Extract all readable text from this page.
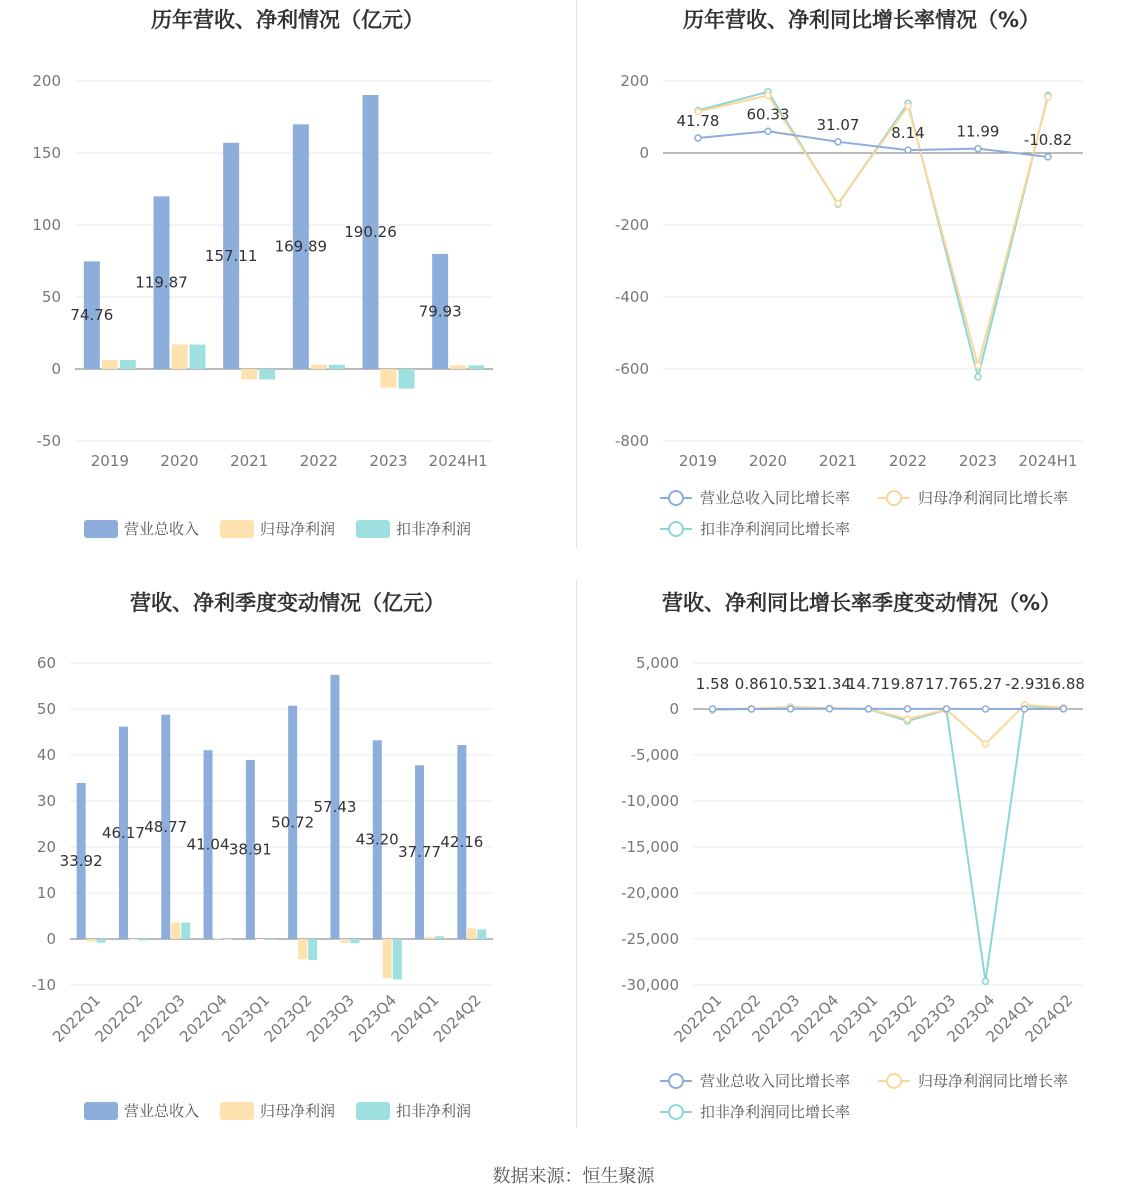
历年营收、净利情况（亿元）
-50
0
50
100
150
200
2019 2020 2021 2022 2023 2024H1
74.76
119.87
157.11
169.89
190.26
79.93
营业总收入	归母净利润	扣非净利润
历年营收、净利同比增长率情况（%）
-800
-600
-400
-200
0
200
2019 2020 2021 2022 2023 2024H1
41.78 60.33
31.07 8.14 11.99 -10.82
营业总收入同比增长率	归母净利润同比增长率
扣非净利润同比增长率
营收、净利季度变动情况（亿元）
-10
0
10
20
30
40
50
60
2022Q1
2022Q2
2022Q3
2022Q4
2023Q1
2023Q2
2023Q3
2023Q4
2024Q1
2024Q2
33.92
46.17 48.77
41.04 38.91
50.72
57.43
43.20
37.77
42.16
营业总收入	归母净利润	扣非净利润
营收、净利同比增长率季度变动情况（%）
-30,000
-25,000
-20,000
-15,000
-10,000
-5,000
0
5,000
2022Q1
2022Q2
2022Q3
2022Q4
2023Q1
2023Q2
2023Q3
2023Q4
2024Q1
2024Q2
1.58 0.86 10.53
21.34
14.71 9.87 17.76 5.27 -2.93
16.88
营业总收入同比增长率	归母净利润同比增长率
扣非净利润同比增长率
数据来源：恒生聚源
